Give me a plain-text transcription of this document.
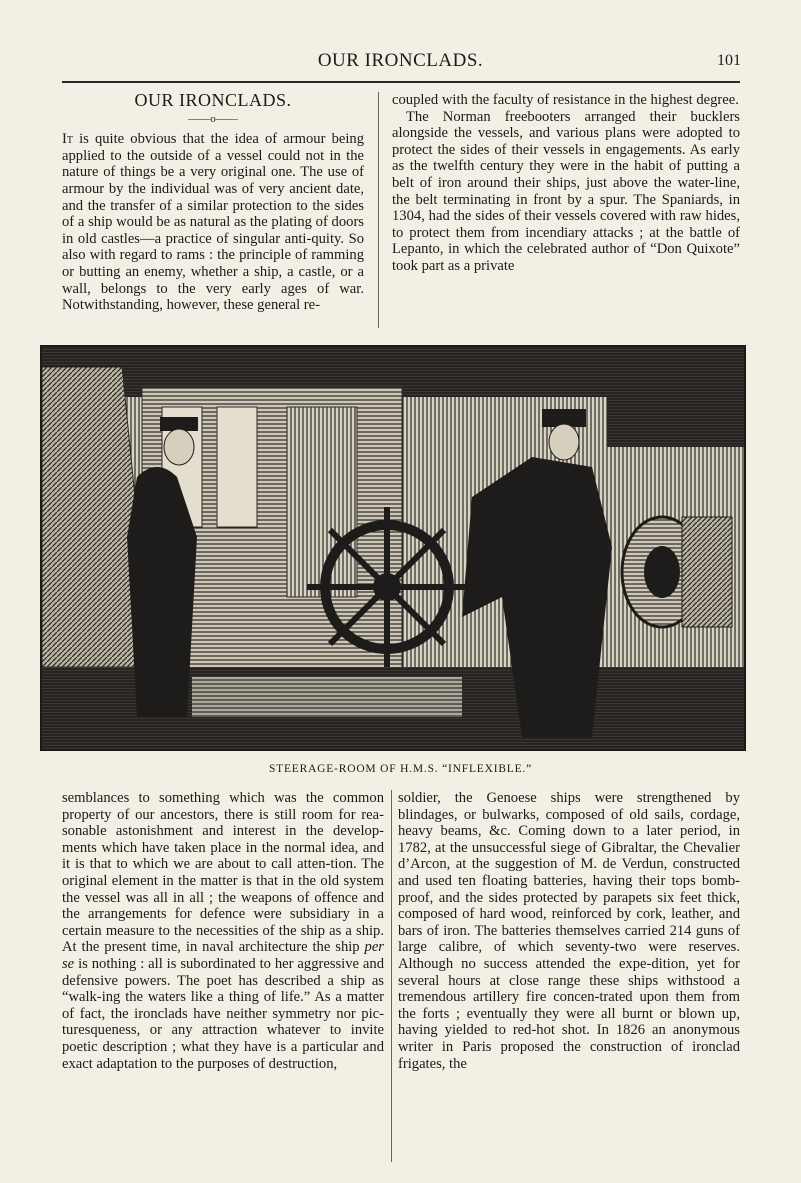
OUR IRONCLADS.	101
OUR IRONCLADS.
——o——

It is quite obvious that the idea of armour being applied to the outside of a vessel could not in the nature of things be a very original one. The use of armour by the individual was of very ancient date, and the transfer of a similar protection to the sides of a ship would be as natural as the plating of doors in old castles—a practice of singular anti-quity. So also with regard to rams : the principle of ramming or butting an enemy, whether a ship, a castle, or a wall, belongs to the very early ages of war. Notwithstanding, however, these general re-

coupled with the faculty of resistance in the highest degree.

The Norman freebooters arranged their bucklers alongside the vessels, and various plans were adopted to protect the sides of their vessels in engagements. As early as the twelfth century they were in the habit of putting a belt of iron around their ships, just above the water-line, the belt terminating in front by a spur. The Spaniards, in 1304, had the sides of their vessels covered with raw hides, to protect them from incendiary attacks ; at the battle of Lepanto, in which the celebrated author of “Don Quixote” took part as a private

STEERAGE-ROOM OF H.M.S. “INFLEXIBLE.”

semblances to something which was the common property of our ancestors, there is still room for rea-sonable astonishment and interest in the develop-ments which have taken place in the normal idea, and it is that to which we are about to call atten-tion. The original element in the matter is that in the old system the vessel was all in all ; the weapons of offence and the arrangements for defence were subsidiary in a certain measure to the necessities of the ship as a ship. At the present time, in naval architecture the ship per se is nothing : all is subordinated to her aggressive and defensive powers. The poet has described a ship as “walk-ing the waters like a thing of life.” As a matter of fact, the ironclads have neither symmetry nor pic-turesqueness, or any attraction whatever to invite poetic description ; what they have is a particular and exact adaptation to the purposes of destruction,

soldier, the Genoese ships were strengthened by blindages, or bulwarks, composed of old sails, cordage, heavy beams, &c. Coming down to a later period, in 1782, at the unsuccessful siege of Gibraltar, the Chevalier d’Arcon, at the suggestion of M. de Verdun, constructed and used ten floating batteries, having their tops bomb-proof, and the sides protected by parapets six feet thick, composed of hard wood, reinforced by cork, leather, and bars of iron. The batteries themselves carried 214 guns of large calibre, of which seventy-two were reserves. Although no success attended the expe-dition, yet for several hours at close range these ships withstood a tremendous artillery fire concen-trated upon them from the forts ; eventually they were all burnt or blown up, having yielded to red-hot shot. In 1826 an anonymous writer in Paris proposed the construction of ironclad frigates, the
